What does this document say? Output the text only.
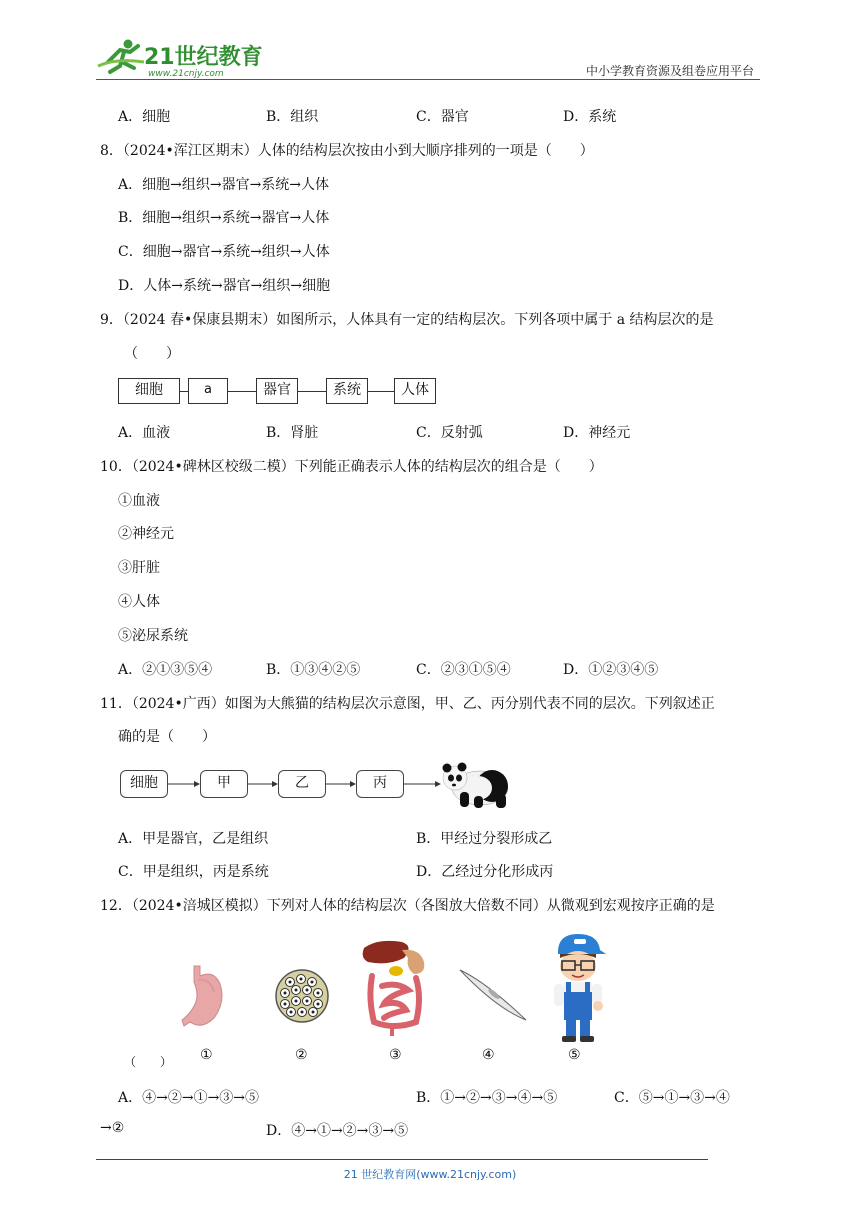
21世纪教育
www.21cnjy.com	中小学教育资源及组卷应用平台
A．细胞	B．组织	C．器官	D．系统
8．（2024•浑江区期末）人体的结构层次按由小到大顺序排列的一项是（　　）
A．细胞→组织→器官→系统→人体
B．细胞→组织→系统→器官→人体
C．细胞→器官→系统→组织→人体
D．人体→系统→器官→组织→细胞
9．（2024 春•保康县期末）如图所示，人体具有一定的结构层次。下列各项中属于 a 结构层次的是
（　　）
细胞	a	器官	系统	人体
A．血液	B．肾脏	C．反射弧	D．神经元
10．（2024•碑林区校级二模）下列能正确表示人体的结构层次的组合是（　　）
①血液
②神经元
③肝脏
④人体
⑤泌尿系统
A．②①③⑤④	B．①③④②⑤	C．②③①⑤④	D．①②③④⑤
11．（2024•广西）如图为大熊猫的结构层次示意图，甲、乙、丙分别代表不同的层次。下列叙述正
确的是（　　）
细胞	甲	乙	丙
A．甲是器官，乙是组织	B．甲经过分裂形成乙
C．甲是组织，丙是系统	D．乙经过分化形成丙
12．（2024•涪城区模拟）下列对人体的结构层次（各图放大倍数不同）从微观到宏观按序正确的是
（　　） ①	②	③	④	⑤
A．④→②→①→③→⑤	B．①→②→③→④→⑤	C．⑤→①→③→④
→②	D．④→①→②→③→⑤
21 世纪教育网(www.21cnjy.com)
